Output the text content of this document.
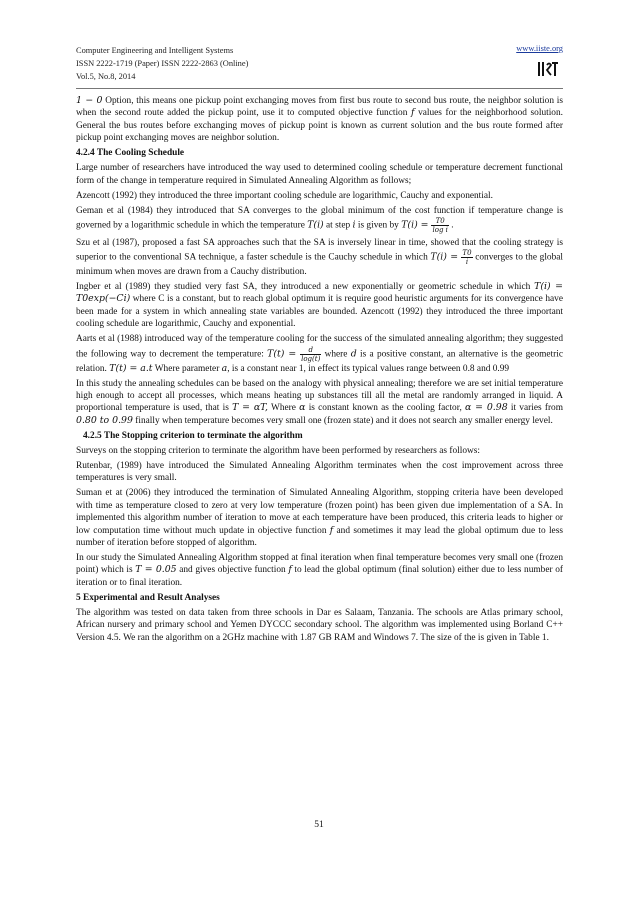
Computer Engineering and Intelligent Systems
ISSN 2222-1719 (Paper) ISSN 2222-2863 (Online)
Vol.5, No.8, 2014
www.iiste.org

1 − 0 Option, this means one pickup point exchanging moves from first bus route to second bus route, the neighbor solution is when the second route added the pickup point, use it to computed objective function f values for the neighborhood solution. General the bus routes before exchanging moves of pickup point is known as current solution and the bus route formed after pickup point exchanging moves are neighbor solution.

4.2.4 The Cooling Schedule

Large number of researchers have introduced the way used to determined cooling schedule or temperature decrement functional form of the change in temperature required in Simulated Annealing Algorithm as follows;

Azencott (1992) they introduced the three important cooling schedule are logarithmic, Cauchy and exponential.

Geman et al (1984) they introduced that SA converges to the global minimum of the cost function if temperature change is governed by a logarithmic schedule in which the temperature T(i) at step i is given by $T(i) = \frac{T0}{\text{log i}}$ .

Szu et al (1987), proposed a fast SA approaches such that the SA is inversely linear in time, showed that the cooling strategy is superior to the conventional SA technique, a faster schedule is the Cauchy schedule in which $T(i) = \frac{T0}{i}$ converges to the global minimum when moves are drawn from a Cauchy distribution.

Ingber et al (1989) they studied very fast SA, they introduced a new exponentially or geometric schedule in which T(i) = T0exp(−Ci) where C is a constant, but to reach global optimum it is require good heuristic arguments for its convergence have been made for a system in which annealing state variables are bounded. Azencott (1992) they introduced the three important cooling schedule are logarithmic, Cauchy and exponential.

Aarts et al (1988) introduced way of the temperature cooling for the success of the simulated annealing algorithm; they suggested the following way to decrement the temperature: $T(t) = \frac{d}{\log(t)}$ where d is a positive constant, an alternative is the geometric relation. T(t) = a.t Where parameter a, is a constant near 1, in effect its typical values range between 0.8 and 0.99

In this study the annealing schedules can be based on the analogy with physical annealing; therefore we are set initial temperature high enough to accept all processes, which means heating up substances till all the metal are randomly arranged in liquid. A proportional temperature is used, that is T = αT, Where α is constant known as the cooling factor, α = 0.98 it varies from 0.80 to 0.99 finally when temperature becomes very small one (frozen state) and it does not search any smaller energy level.

4.2.5 The Stopping criterion to terminate the algorithm

Surveys on the stopping criterion to terminate the algorithm have been performed by researchers as follows:

Rutenbar, (1989) have introduced the Simulated Annealing Algorithm terminates when the cost improvement across three temperatures is very small.

Suman et at (2006) they introduced the termination of Simulated Annealing Algorithm, stopping criteria have been developed with time as temperature closed to zero at very low temperature (frozen point) has been given due implementation of a SA. In implemented this algorithm number of iteration to move at each temperature have been produced, this criteria leads to higher or low computation time without much update in objective function f and sometimes it may lead the global optimum due to less number of iteration before stopped of algorithm.

In our study the Simulated Annealing Algorithm stopped at final iteration when final temperature becomes very small one (frozen point) which is T = 0.05 and gives objective function f to lead the global optimum (final solution) either due to less number of iteration or to final iteration.

5 Experimental and Result Analyses

The algorithm was tested on data taken from three schools in Dar es Salaam, Tanzania. The schools are Atlas primary school, African nursery and primary school and Yemen DYCCC secondary school. The algorithm was implemented using Borland C++ Version 4.5. We ran the algorithm on a 2GHz machine with 1.87 GB RAM and Windows 7. The size of the is given in Table 1.

51
